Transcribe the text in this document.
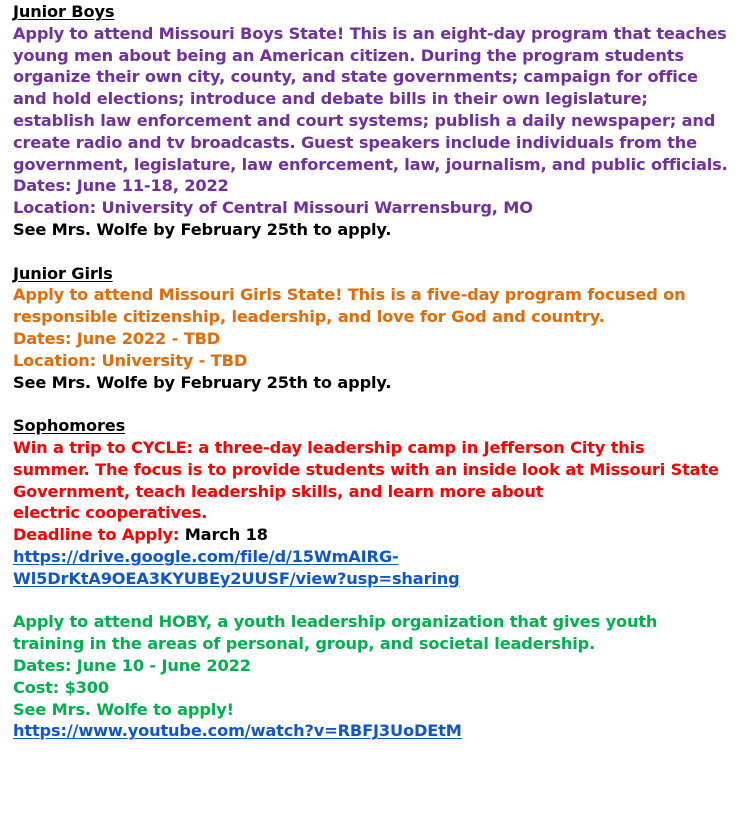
Junior Boys
Apply to attend Missouri Boys State! This is an eight-day program that teaches
young men about being an American citizen. During the program students
organize their own city, county, and state governments; campaign for office
and hold elections; introduce and debate bills in their own legislature;
establish law enforcement and court systems; publish a daily newspaper; and
create radio and tv broadcasts. Guest speakers include individuals from the
government, legislature, law enforcement, law, journalism, and public officials.
Dates: June 11-18, 2022
Location: University of Central Missouri Warrensburg, MO
See Mrs. Wolfe by February 25th to apply.
Junior Girls
Apply to attend Missouri Girls State! This is a five-day program focused on
responsible citizenship, leadership, and love for God and country.
Dates: June 2022 - TBD
Location: University - TBD
See Mrs. Wolfe by February 25th to apply.
Sophomores
Win a trip to CYCLE: a three-day leadership camp in Jefferson City this
summer. The focus is to provide students with an inside look at Missouri State
Government, teach leadership skills, and learn more about
electric cooperatives.
Deadline to Apply: March 18
https://drive.google.com/file/d/15WmAIRG-
Wl5DrKtA9OEA3KYUBEy2UUSF/view?usp=sharing
Apply to attend HOBY, a youth leadership organization that gives youth
training in the areas of personal, group, and societal leadership.
Dates: June 10 - June 2022
Cost: $300
See Mrs. Wolfe to apply!
https://www.youtube.com/watch?v=RBFJ3UoDEtM
